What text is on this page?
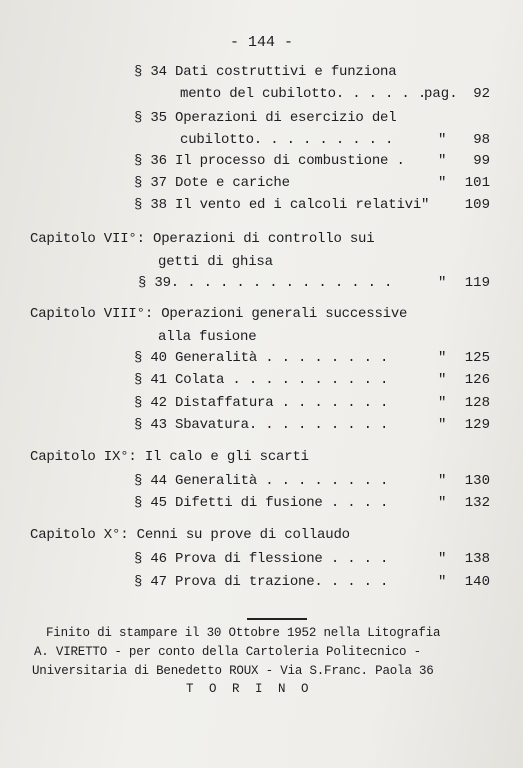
- 144 -
§ 34 Dati costruttivi e funziona
mento del cubilotto. . . . . .
pag. 92
§ 35 Operazioni di esercizio del
cubilotto. . . . . . . . .	" 98
§ 36 Il processo di combustione . " 99
§ 37 Dote e cariche	" 101
§ 38 Il vento ed i calcoli relativi"	109
Capitolo VII°: Operazioni di controllo sui
getti di ghisa
§ 39. . . . . . . . . . . . . .	" 119
Capitolo VIII°: Operazioni generali successive
alla fusione
§ 40 Generalità . . . . . . . .	" 125
§ 41 Colata . . . . . . . . . .	" 126
§ 42 Distaffatura . . . . . . .	" 128
§ 43 Sbavatura. . . . . . . . .	" 129
Capitolo IX°: Il calo e gli scarti
§ 44 Generalità . . . . . . . .	" 130
§ 45 Difetti di fusione . . . .	" 132
Capitolo X°: Cenni su prove di collaudo
§ 46 Prova di flessione . . . .	" 138
§ 47 Prova di trazione. . . . .	" 140
Finito di stampare il 30 Ottobre 1952 nella Litografia
A. VIRETTO - per conto della Cartoleria Politecnico -
Universitaria di Benedetto ROUX - Via S.Franc. Paola 36
T O R I N O
